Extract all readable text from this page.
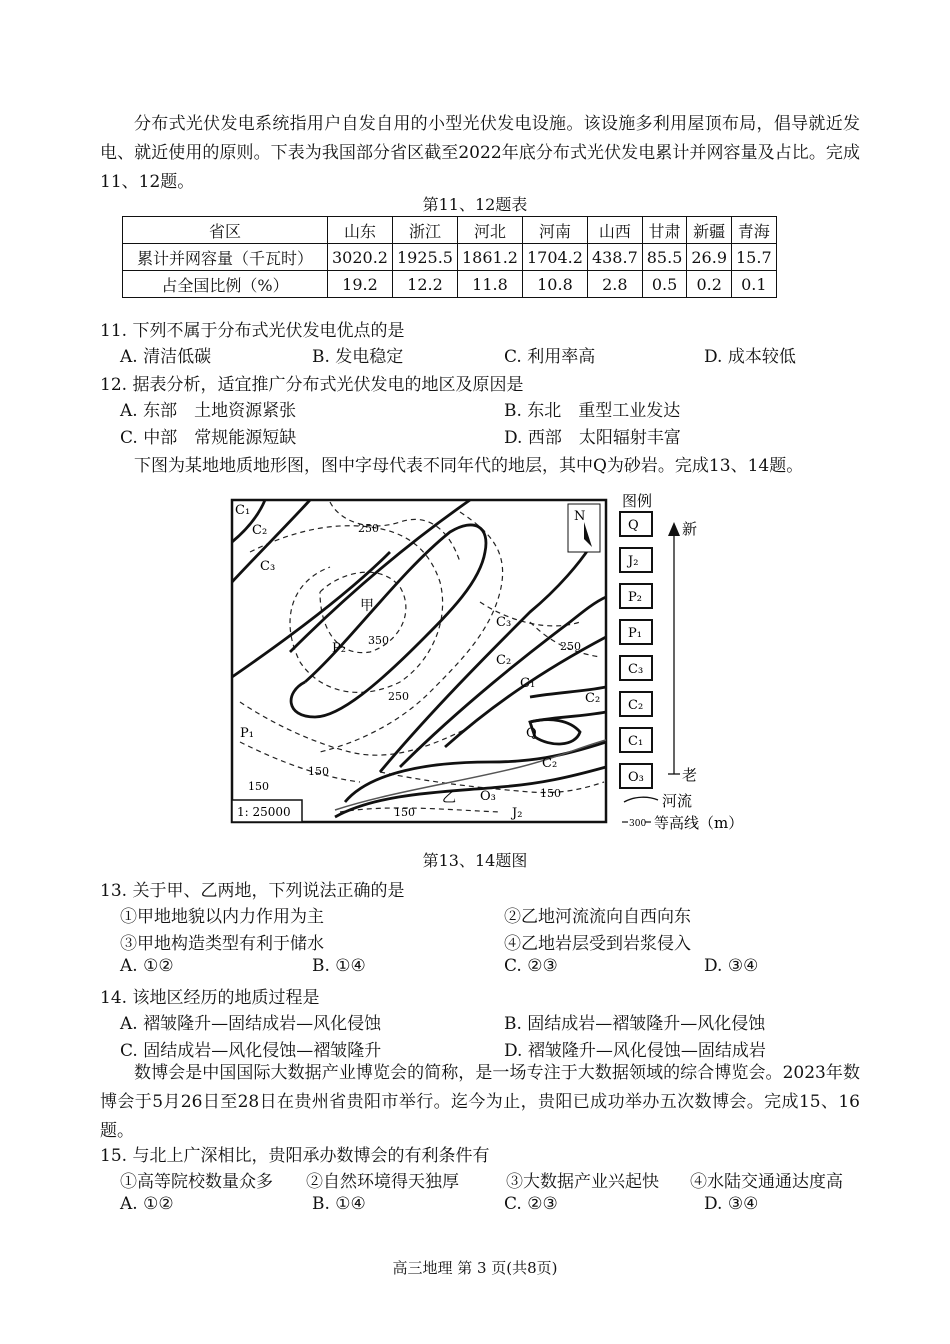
分布式光伏发电系统指用户自发自用的小型光伏发电设施。该设施多利用屋顶布局，倡导就近发电、就近使用的原则。下表为我国部分省区截至2022年底分布式光伏发电累计并网容量及占比。完成11、12题。

第11、12题表
省区	山东	浙江	河北	河南	山西	甘肃	新疆	青海
累计并网容量（千瓦时）	3020.2	1925.5	1861.2	1704.2	438.7	85.5	26.9	15.7
占全国比例（%）	19.2	12.2	11.8	10.8	2.8	0.5	0.2	0.1
11. 下列不属于分布式光伏发电优点的是
A. 清洁低碳	B. 发电稳定	C. 利用率高	D. 成本较低
12. 据表分析，适宜推广分布式光伏发电的地区及原因是
A. 东部　土地资源紧张	B. 东北　重型工业发达
C. 中部　常规能源短缺	D. 西部　太阳辐射丰富
下图为某地地质地形图，图中字母代表不同年代的地层，其中Q为砂岩。完成13、14题。
N
1: 25000
甲
乙
250
350
250
250
150
150
150
150
C₁
C₂
C₃
P₂
P₁
C₃
C₂
C₁
C₂
Q
C₂
O₃
J₂
图例
Q
J₂
P₂
P₁
C₃
C₂
C₁
O₃
新
老
河流
300 等高线（m）
第13、14题图
13. 关于甲、乙两地，下列说法正确的是
①甲地地貌以内力作用为主	②乙地河流流向自西向东
③甲地构造类型有利于储水	④乙地岩层受到岩浆侵入
A. ①②	B. ①④	C. ②③	D. ③④
14. 该地区经历的地质过程是
A. 褶皱隆升—固结成岩—风化侵蚀	B. 固结成岩—褶皱隆升—风化侵蚀
C. 固结成岩—风化侵蚀—褶皱隆升	D. 褶皱隆升—风化侵蚀—固结成岩

数博会是中国国际大数据产业博览会的简称，是一场专注于大数据领域的综合博览会。2023年数博会于5月26日至28日在贵州省贵阳市举行。迄今为止，贵阳已成功举办五次数博会。完成15、16题。

15. 与北上广深相比，贵阳承办数博会的有利条件有
①高等院校数量众多 ②自然环境得天独厚	③大数据产业兴起快 ④水陆交通通达度高
A. ①②	B. ①④	C. ②③	D. ③④
高三地理 第 3 页(共8页)
